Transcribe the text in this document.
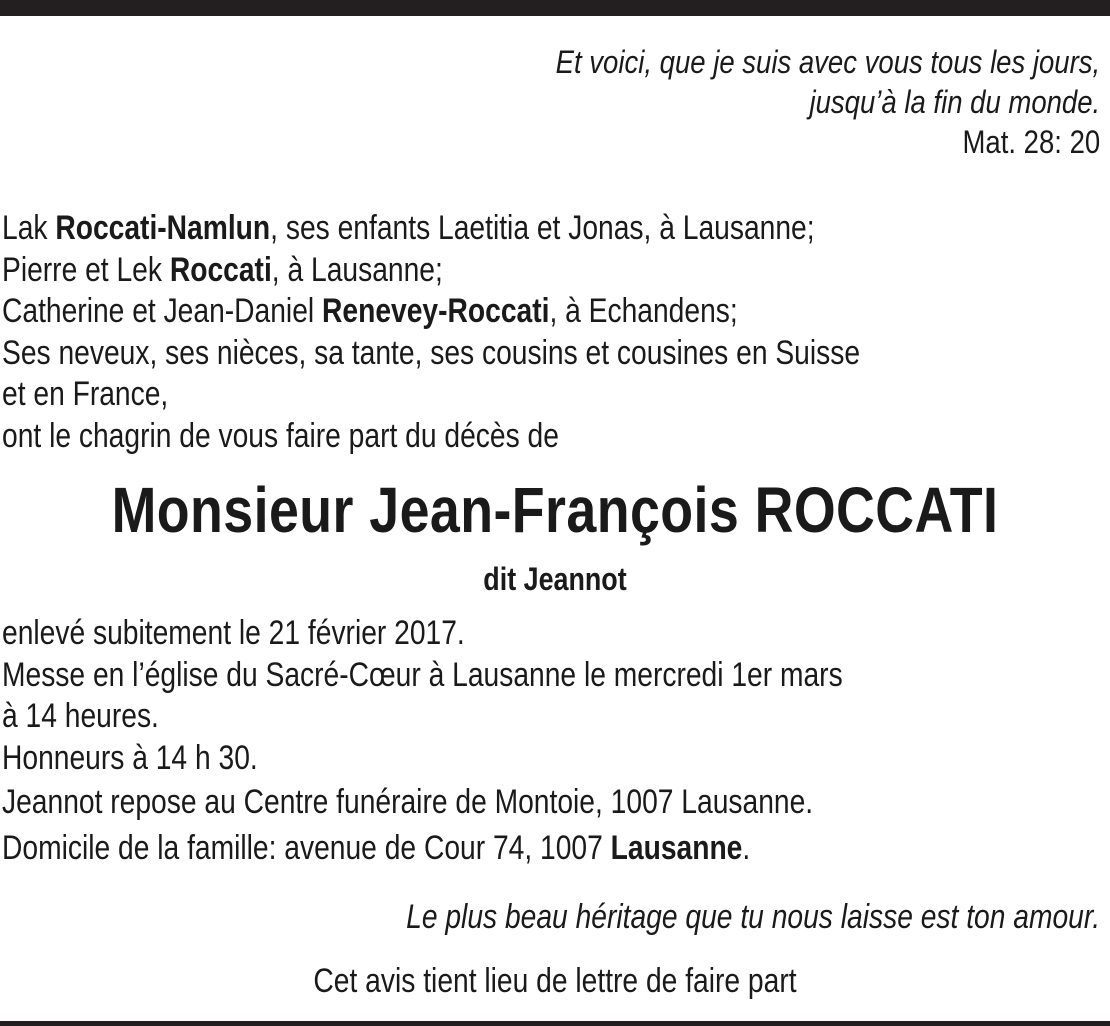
Et voici, que je suis avec vous tous les jours,
jusqu’à la fin du monde.
Mat. 28: 20
Lak Roccati-Namlun, ses enfants Laetitia et Jonas, à Lausanne;
Pierre et Lek Roccati, à Lausanne;
Catherine et Jean-Daniel Renevey-Roccati, à Echandens;
Ses neveux, ses nièces, sa tante, ses cousins et cousines en Suisse
et en France,
ont le chagrin de vous faire part du décès de
Monsieur Jean-François ROCCATI
dit Jeannot
enlevé subitement le 21 février 2017.
Messe en l’église du Sacré-Cœur à Lausanne le mercredi 1er mars
à 14 heures.
Honneurs à 14 h 30.
Jeannot repose au Centre funéraire de Montoie, 1007 Lausanne.
Domicile de la famille: avenue de Cour 74, 1007 Lausanne.
Le plus beau héritage que tu nous laisse est ton amour.
Cet avis tient lieu de lettre de faire part
